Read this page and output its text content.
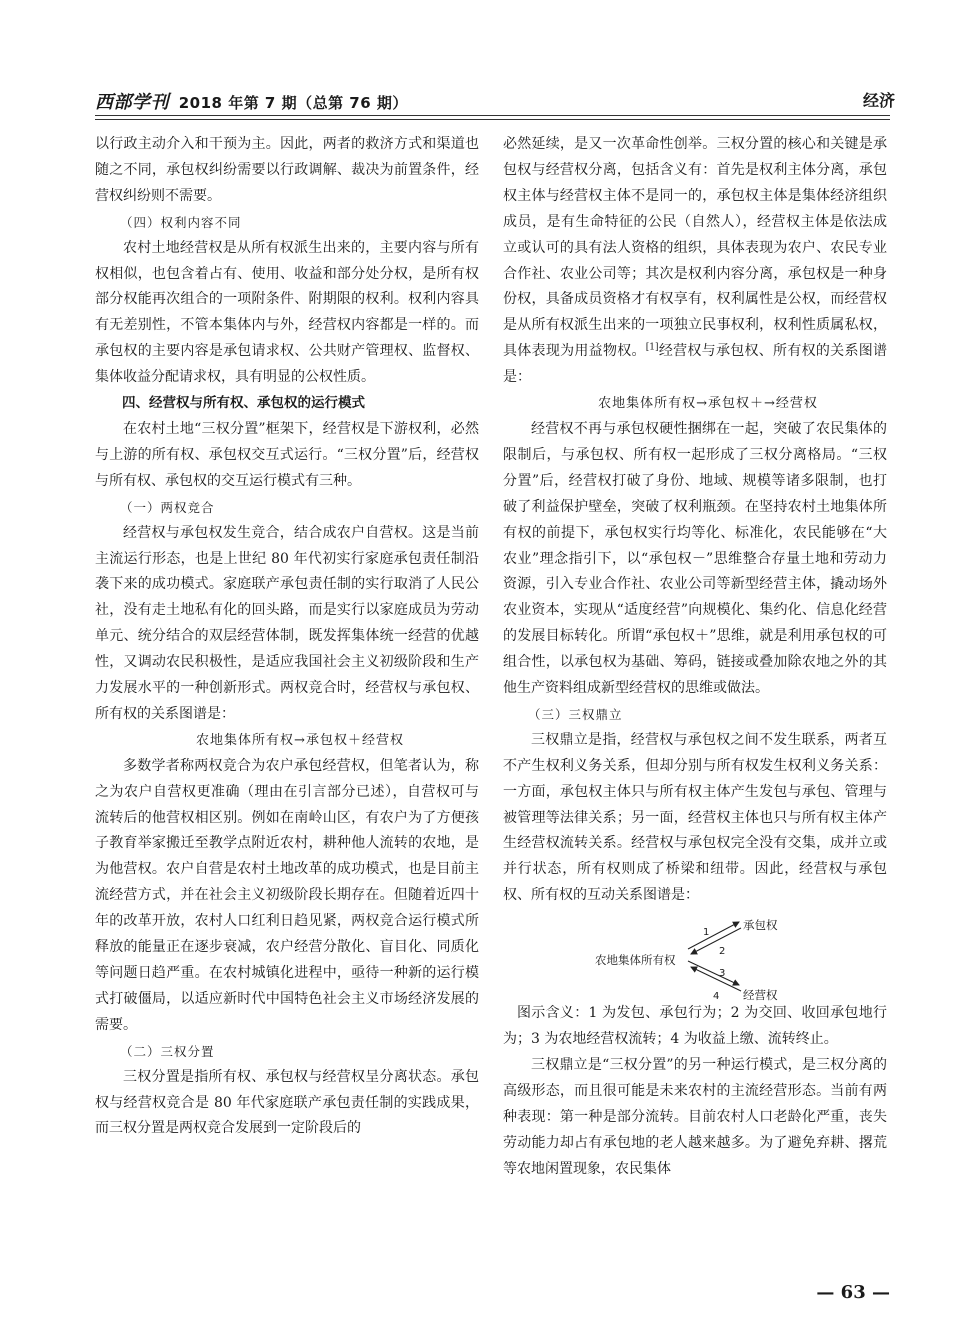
西部学刊 2018 年第 7 期（总第 76 期）	经济

以行政主动介入和干预为主。因此，两者的救济方式和渠道也随之不同，承包权纠纷需要以行政调解、裁决为前置条件，经营权纠纷则不需要。

（四）权利内容不同

农村土地经营权是从所有权派生出来的，主要内容与所有权相似，也包含着占有、使用、收益和部分处分权，是所有权部分权能再次组合的一项附条件、附期限的权利。权利内容具有无差别性，不管本集体内与外，经营权内容都是一样的。而承包权的主要内容是承包请求权、公共财产管理权、监督权、集体收益分配请求权，具有明显的公权性质。

四、经营权与所有权、承包权的运行模式

在农村土地“三权分置”框架下，经营权是下游权利，必然与上游的所有权、承包权交互式运行。“三权分置”后，经营权与所有权、承包权的交互运行模式有三种。

（一）两权竞合

经营权与承包权发生竞合，结合成农户自营权。这是当前主流运行形态，也是上世纪 80 年代初实行家庭承包责任制沿袭下来的成功模式。家庭联产承包责任制的实行取消了人民公社，没有走土地私有化的回头路，而是实行以家庭成员为劳动单元、统分结合的双层经营体制，既发挥集体统一经营的优越性，又调动农民积极性，是适应我国社会主义初级阶段和生产力发展水平的一种创新形式。两权竞合时，经营权与承包权、所有权的关系图谱是：

农地集体所有权→承包权＋经营权

多数学者称两权竞合为农户承包经营权，但笔者认为，称之为农户自营权更准确（理由在引言部分已述），自营权可与流转后的他营权相区别。例如在南岭山区，有农户为了方便孩子教育举家搬迁至教学点附近农村，耕种他人流转的农地，是为他营权。农户自营是农村土地改革的成功模式，也是目前主流经营方式，并在社会主义初级阶段长期存在。但随着近四十年的改革开放，农村人口红利日趋见紧，两权竞合运行模式所释放的能量正在逐步衰减，农户经营分散化、盲目化、同质化等问题日趋严重。在农村城镇化进程中，亟待一种新的运行模式打破僵局，以适应新时代中国特色社会主义市场经济发展的需要。

（二）三权分置

三权分置是指所有权、承包权与经营权呈分离状态。承包权与经营权竞合是 80 年代家庭联产承包责任制的实践成果，而三权分置是两权竞合发展到一定阶段后的

必然延续，是又一次革命性创举。三权分置的核心和关键是承包权与经营权分离，包括含义有：首先是权利主体分离，承包权主体与经营权主体不是同一的，承包权主体是集体经济组织成员，是有生命特征的公民（自然人），经营权主体是依法成立或认可的具有法人资格的组织，具体表现为农户、农民专业合作社、农业公司等；其次是权利内容分离，承包权是一种身份权，具备成员资格才有权享有，权利属性是公权，而经营权是从所有权派生出来的一项独立民事权利，权利性质属私权，具体表现为用益物权。[1]经营权与承包权、所有权的关系图谱是：

农地集体所有权→承包权＋→经营权

经营权不再与承包权硬性捆绑在一起，突破了农民集体的限制后，与承包权、所有权一起形成了三权分离格局。“三权分置”后，经营权打破了身份、地域、规模等诸多限制，也打破了利益保护壁垒，突破了权利瓶颈。在坚持农村土地集体所有权的前提下，承包权实行均等化、标准化，农民能够在“大农业”理念指引下，以“承包权－”思维整合存量土地和劳动力资源，引入专业合作社、农业公司等新型经营主体，撬动场外农业资本，实现从“适度经营”向规模化、集约化、信息化经营的发展目标转化。所谓“承包权＋”思维，就是利用承包权的可组合性，以承包权为基础、筹码，链接或叠加除农地之外的其他生产资料组成新型经营权的思维或做法。

（三）三权鼎立

三权鼎立是指，经营权与承包权之间不发生联系，两者互不产生权利义务关系，但却分别与所有权发生权利义务关系：一方面，承包权主体只与所有权主体产生发包与承包、管理与被管理等法律关系；另一面，经营权主体也只与所有权主体产生经营权流转关系。经营权与承包权完全没有交集，成并立或并行状态，所有权则成了桥梁和纽带。因此，经营权与承包权、所有权的互动关系图谱是：

农地集体所有权
承包权
经营权
1
2
3
4

图示含义：1 为发包、承包行为；2 为交回、收回承包地行为；3 为农地经营权流转；4 为收益上缴、流转终止。

三权鼎立是“三权分置”的另一种运行模式，是三权分离的高级形态，而且很可能是未来农村的主流经营形态。当前有两种表现：第一种是部分流转。目前农村人口老龄化严重，丧失劳动能力却占有承包地的老人越来越多。为了避免弃耕、撂荒等农地闲置现象，农民集体

— 63 —
